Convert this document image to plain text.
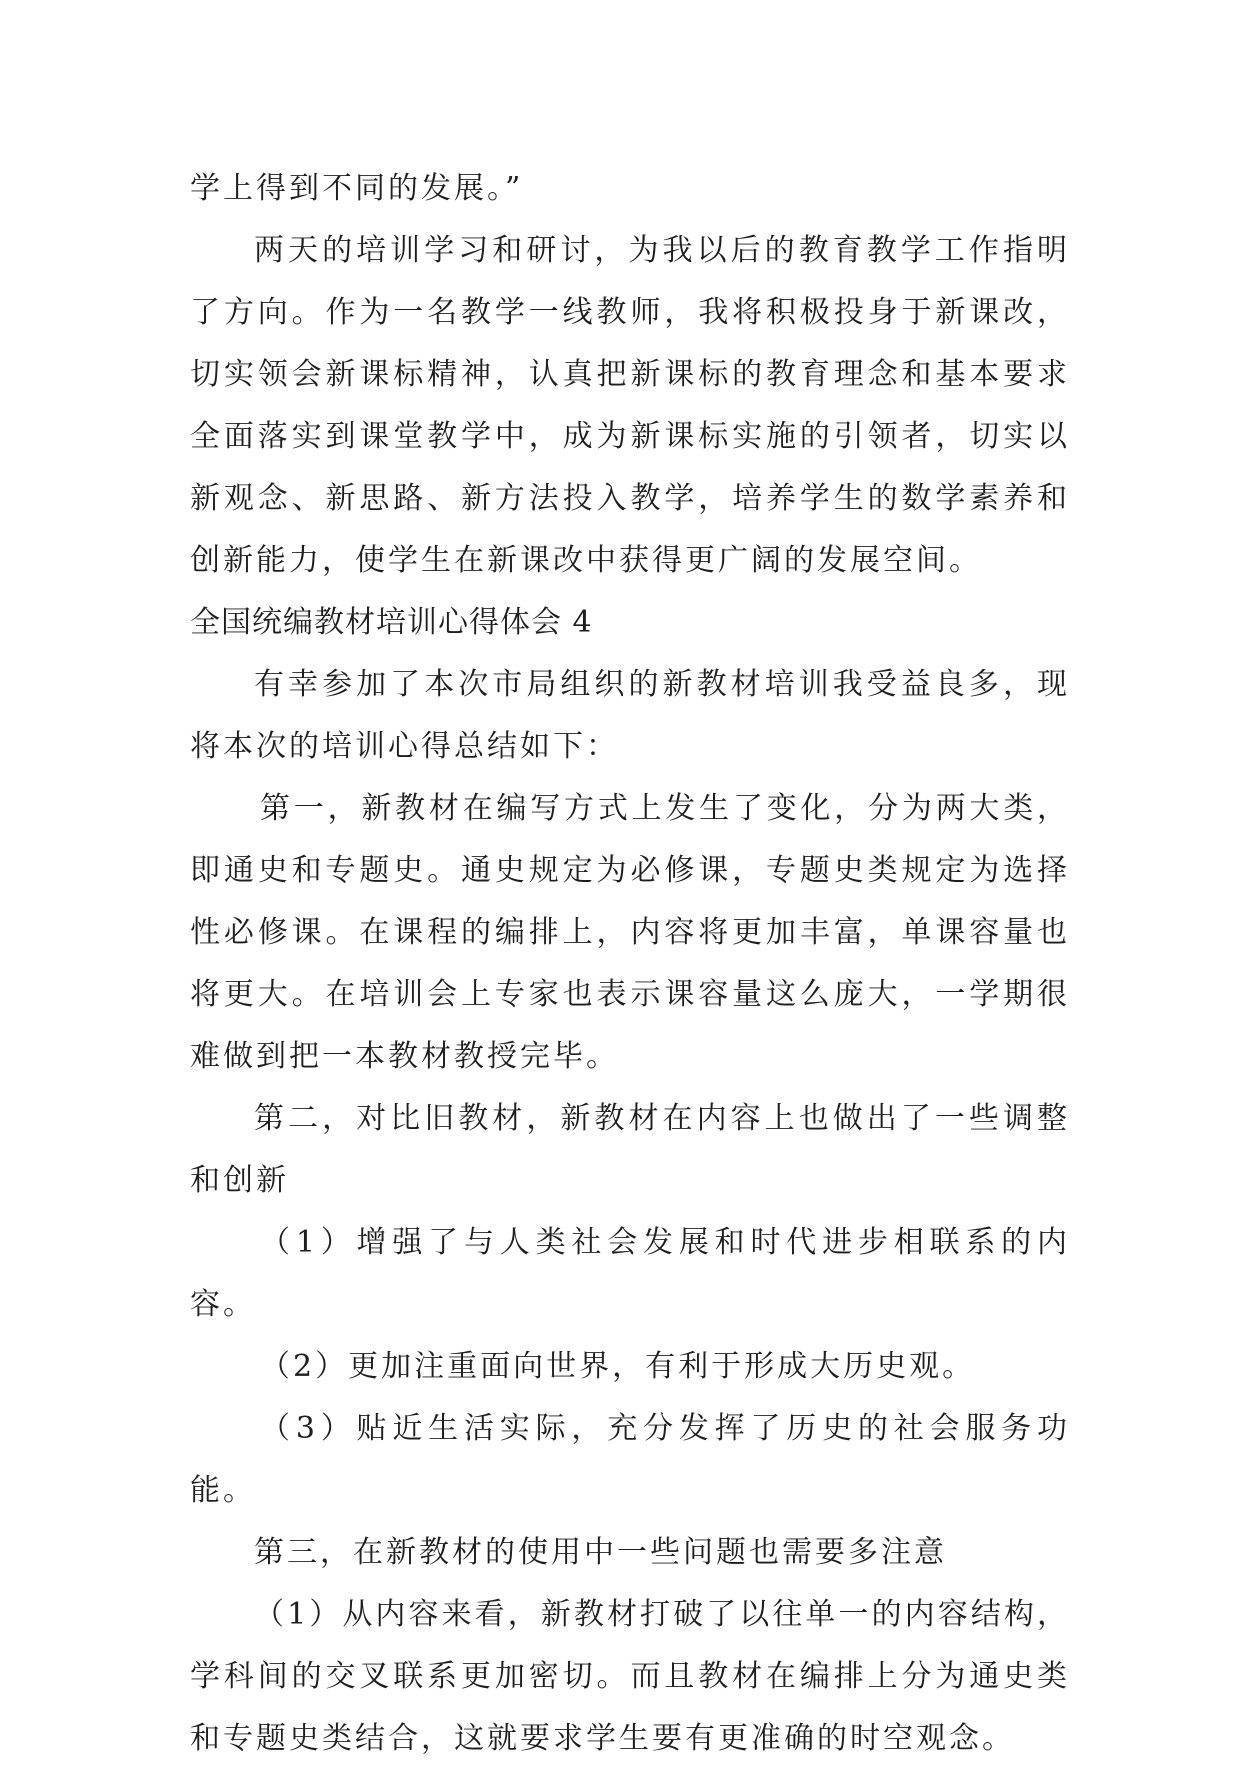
学上得到不同的发展。”

两天的培训学习和研讨，为我以后的教育教学工作指明了方向。作为一名教学一线教师，我将积极投身于新课改，切实领会新课标精神，认真把新课标的教育理念和基本要求全面落实到课堂教学中，成为新课标实施的引领者，切实以新观念、新思路、新方法投入教学，培养学生的数学素养和创新能力，使学生在新课改中获得更广阔的发展空间。

全国统编教材培训心得体会 4

有幸参加了本次市局组织的新教材培训我受益良多，现将本次的培训心得总结如下：

第一，新教材在编写方式上发生了变化，分为两大类，即通史和专题史。通史规定为必修课，专题史类规定为选择性必修课。在课程的编排上，内容将更加丰富，单课容量也将更大。在培训会上专家也表示课容量这么庞大，一学期很难做到把一本教材教授完毕。

第二，对比旧教材，新教材在内容上也做出了一些调整和创新

（1）增强了与人类社会发展和时代进步相联系的内容。

（2）更加注重面向世界，有利于形成大历史观。

（3）贴近生活实际，充分发挥了历史的社会服务功能。

第三，在新教材的使用中一些问题也需要多注意

（1）从内容来看，新教材打破了以往单一的内容结构，学科间的交叉联系更加密切。而且教材在编排上分为通史类和专题史类结合，这就要求学生要有更准确的时空观念。
